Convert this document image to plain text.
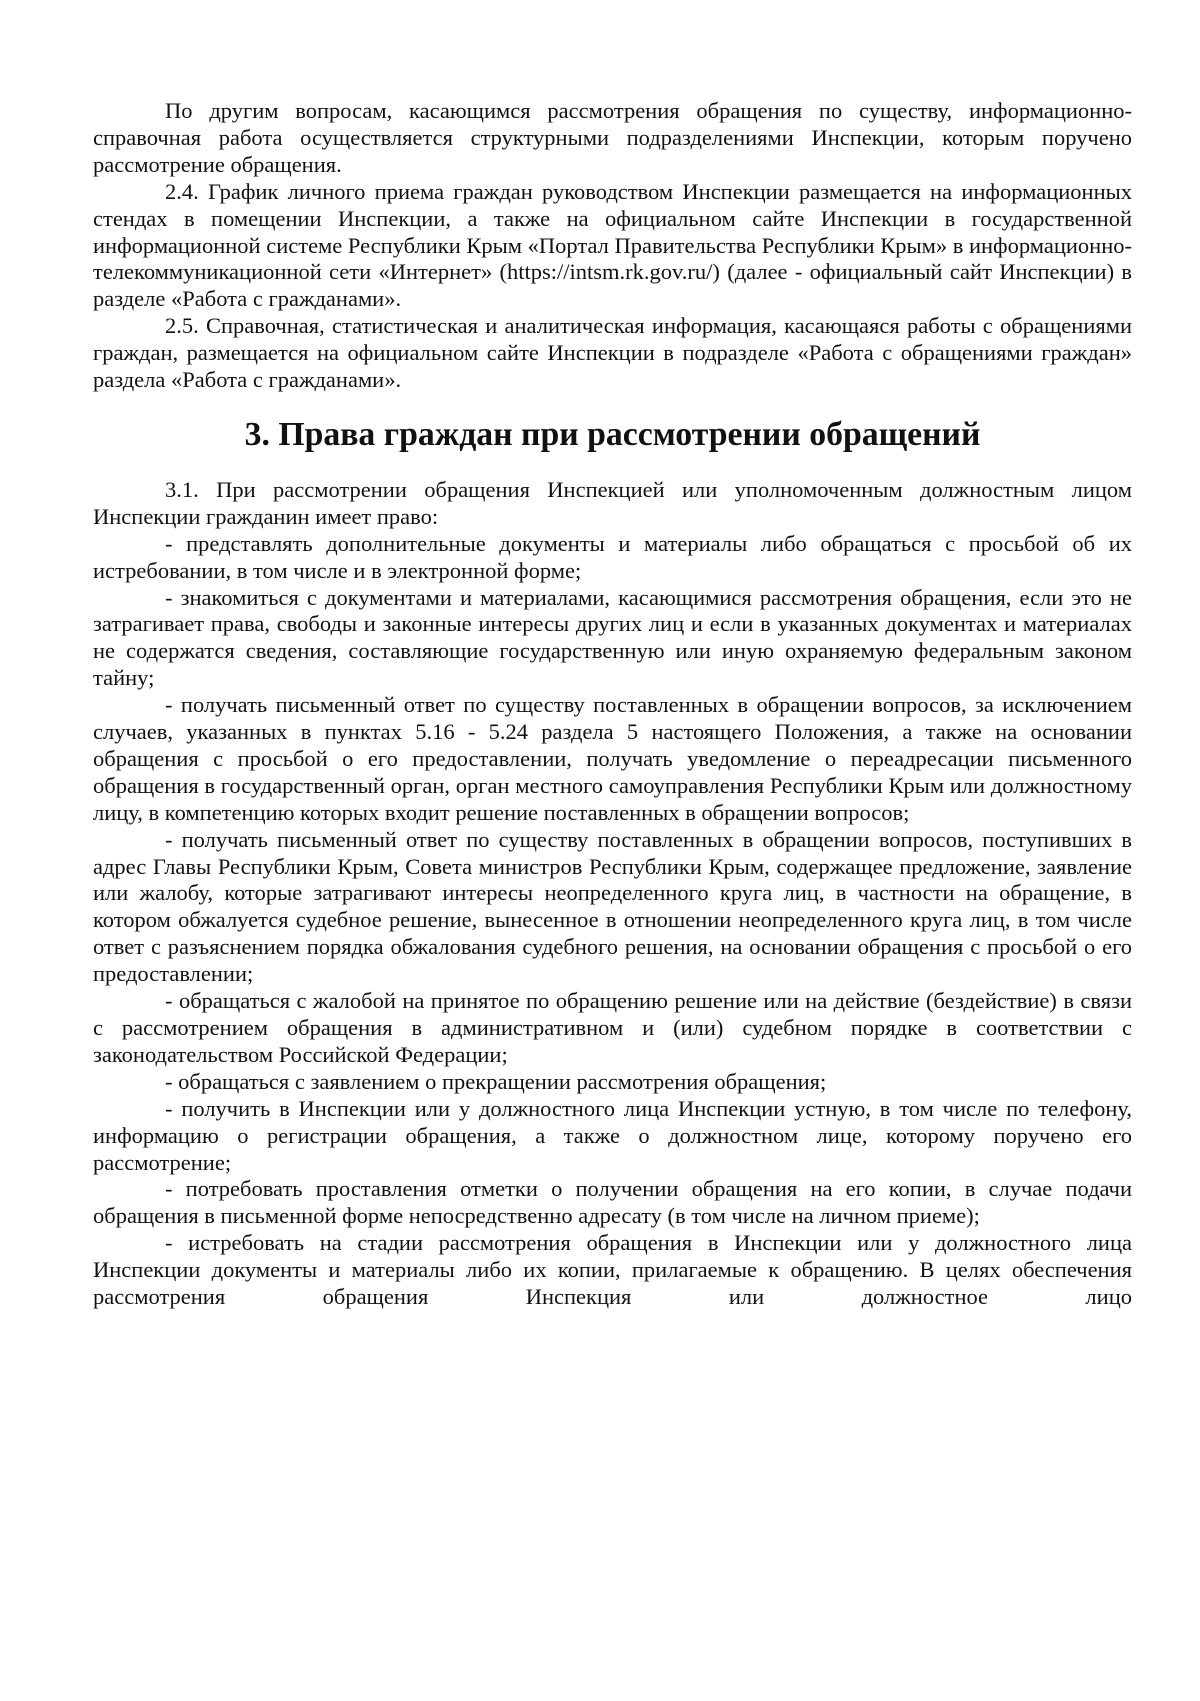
По другим вопросам, касающимся рассмотрения обращения по существу, информационно-справочная работа осуществляется структурными подразделениями Инспекции, которым поручено рассмотрение обращения.

2.4. График личного приема граждан руководством Инспекции размещается на информационных стендах в помещении Инспекции, а также на официальном сайте Инспекции в государственной информационной системе Республики Крым «Портал Правительства Республики Крым» в информационно-телекоммуникационной сети «Интернет» (https://intsm.rk.gov.ru/) (далее - официальный сайт Инспекции) в разделе «Работа с гражданами».

2.5. Справочная, статистическая и аналитическая информация, касающаяся работы с обращениями граждан, размещается на официальном сайте Инспекции в подразделе «Работа с обращениями граждан» раздела «Работа с гражданами».

3. Права граждан при рассмотрении обращений

3.1. При рассмотрении обращения Инспекцией или уполномоченным должностным лицом Инспекции гражданин имеет право:

- представлять дополнительные документы и материалы либо обращаться с просьбой об их истребовании, в том числе и в электронной форме;

- знакомиться с документами и материалами, касающимися рассмотрения обращения, если это не затрагивает права, свободы и законные интересы других лиц и если в указанных документах и материалах не содержатся сведения, составляющие государственную или иную охраняемую федеральным законом тайну;

- получать письменный ответ по существу поставленных в обращении вопросов, за исключением случаев, указанных в пунктах 5.16 - 5.24 раздела 5 настоящего Положения, а также на основании обращения с просьбой о его предоставлении, получать уведомление о переадресации письменного обращения в государственный орган, орган местного самоуправления Республики Крым или должностному лицу, в компетенцию которых входит решение поставленных в обращении вопросов;

- получать письменный ответ по существу поставленных в обращении вопросов, поступивших в адрес Главы Республики Крым, Совета министров Республики Крым, содержащее предложение, заявление или жалобу, которые затрагивают интересы неопределенного круга лиц, в частности на обращение, в котором обжалуется судебное решение, вынесенное в отношении неопределенного круга лиц, в том числе ответ с разъяснением порядка обжалования судебного решения, на основании обращения с просьбой о его предоставлении;

- обращаться с жалобой на принятое по обращению решение или на действие (бездействие) в связи с рассмотрением обращения в административном и (или) судебном порядке в соответствии с законодательством Российской Федерации;

- обращаться с заявлением о прекращении рассмотрения обращения;

- получить в Инспекции или у должностного лица Инспекции устную, в том числе по телефону, информацию о регистрации обращения, а также о должностном лице, которому поручено его рассмотрение;

- потребовать проставления отметки о получении обращения на его копии, в случае подачи обращения в письменной форме непосредственно адресату (в том числе на личном приеме);

- истребовать на стадии рассмотрения обращения в Инспекции или у должностного лица Инспекции документы и материалы либо их копии, прилагаемые к обращению. В целях обеспечения рассмотрения обращения Инспекция или должностное лицо
